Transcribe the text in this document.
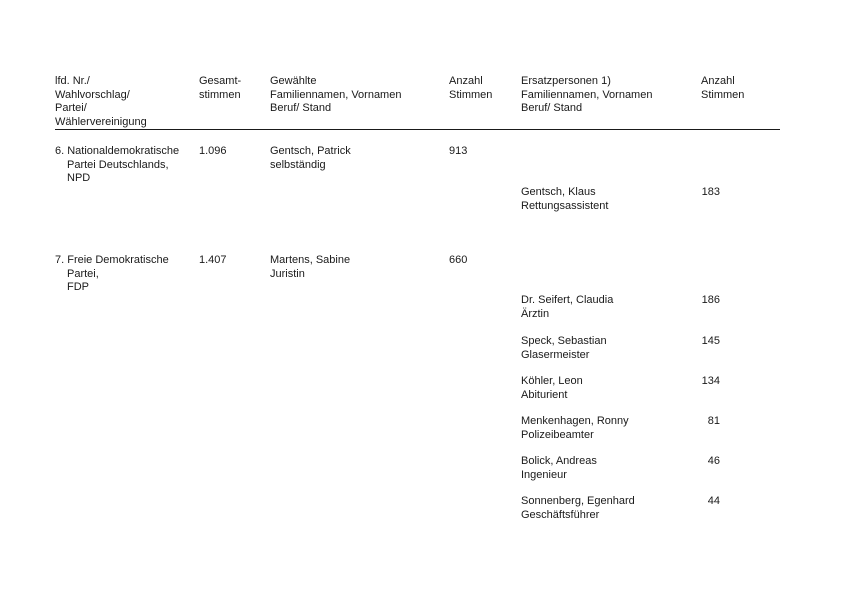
lfd. Nr./
Wahlvorschlag/
Partei/
Wählervereinigung
Gesamt-
stimmen
Gewählte
Familiennamen, Vornamen
Beruf/ Stand
Anzahl
Stimmen
Ersatzpersonen 1)
Familiennamen, Vornamen
Beruf/ Stand
Anzahl
Stimmen
6. Nationaldemokratische
Partei Deutschlands,
NPD
1.096	Gentsch, Patrick
selbständig
913
Gentsch, Klaus
Rettungsassistent
183
7. Freie Demokratische
Partei,
FDP
1.407	Martens, Sabine
Juristin
660
Dr. Seifert, Claudia
Ärztin
186
Speck, Sebastian
Glasermeister
145
Köhler, Leon
Abiturient
134
Menkenhagen, Ronny
Polizeibeamter
81
Bolick, Andreas
Ingenieur
46
Sonnenberg, Egenhard
Geschäftsführer
44
